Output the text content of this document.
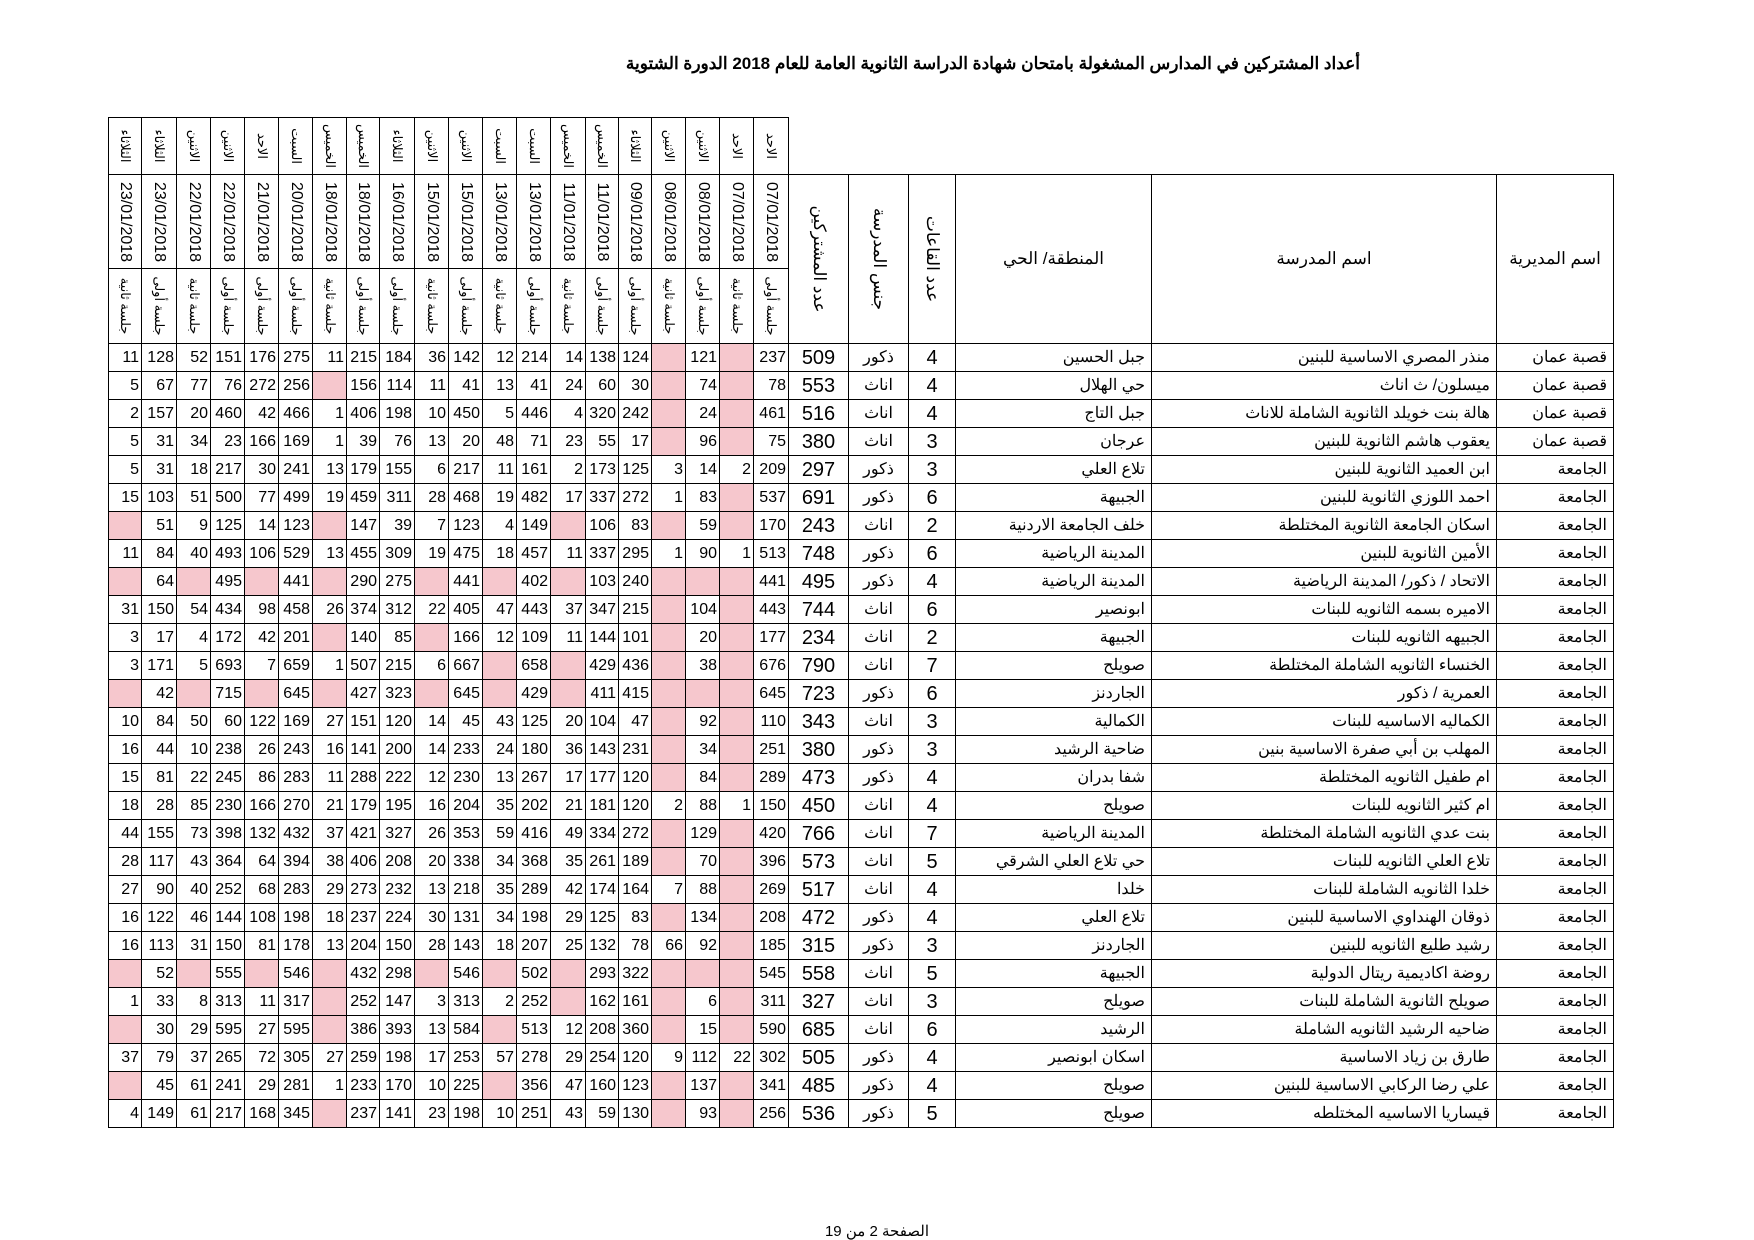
أعداد المشتركين في المدارس المشغولة بامتحان شهادة الدراسة الثانوية العامة للعام 2018 الدورة الشتوية
الثلاثاء	الثلاثاء	الاثنين	الاثنين	الاحد	السبت	الخميس	الخميس	الثلاثاء	الاثنين	الاثنين	السبت	السبت	الخميس	الخميس	الثلاثاء	الاثنين	الاثنين	الاحد	الاحد						

23/01/2018	23/01/2018	22/01/2018	22/01/2018	21/01/2018	20/01/2018	18/01/2018	18/01/2018	16/01/2018	15/01/2018	15/01/2018	13/01/2018	13/01/2018	11/01/2018	11/01/2018	09/01/2018	08/01/2018	08/01/2018	07/01/2018	07/01/2018	عدد المشتركين	جنس المدرسة	عدد القاعات	المنطقة/ الحي	اسم المدرسة	اسم المديرية

جلسة ثانية	جلسة أولى	جلسة ثانية	جلسة أولى	جلسة أولى	جلسة أولى	جلسة ثانية	جلسة أولى	جلسة أولى	جلسة ثانية	جلسة أولى	جلسة ثانية	جلسة أولى	جلسة ثانية	جلسة أولى	جلسة أولى	جلسة ثانية	جلسة أولى	جلسة ثانية	جلسة أولى						

11	128	52	151	176	275	11	215	184	36	142	12	214	14	138	124		121		237	509	ذكور	4	جبل الحسين	منذر المصري الاساسية للبنين	قصبة عمان
5	67	77	76	272	256		156	114	11	41	13	41	24	60	30		74		78	553	اناث	4	حي الهلال	ميسلون/ ث اناث	قصبة عمان
2	157	20	460	42	466	1	406	198	10	450	5	446	4	320	242		24		461	516	اناث	4	جبل التاج	هالة بنت خويلد الثانوية الشاملة للاناث	قصبة عمان
5	31	34	23	166	169	1	39	76	13	20	48	71	23	55	17		96		75	380	اناث	3	عرجان	يعقوب هاشم الثانوية للبنين	قصبة عمان
5	31	18	217	30	241	13	179	155	6	217	11	161	2	173	125	3	14	2	209	297	ذكور	3	تلاع العلي	ابن العميد الثانوية للبنين	الجامعة
15	103	51	500	77	499	19	459	311	28	468	19	482	17	337	272	1	83		537	691	ذكور	6	الجبيهة	احمد اللوزي الثانوية للبنين	الجامعة
	51	9	125	14	123		147	39	7	123	4	149		106	83		59		170	243	اناث	2	خلف الجامعة الاردنية	اسكان الجامعة الثانوية المختلطة	الجامعة
11	84	40	493	106	529	13	455	309	19	475	18	457	11	337	295	1	90	1	513	748	ذكور	6	المدينة الرياضية	الأمين الثانوية للبنين	الجامعة
	64		495		441		290	275		441		402		103	240				441	495	ذكور	4	المدينة الرياضية	الاتحاد / ذكور/ المدينة الرياضية	الجامعة
31	150	54	434	98	458	26	374	312	22	405	47	443	37	347	215		104		443	744	اناث	6	ابونصير	الاميره بسمه الثانويه للبنات	الجامعة
3	17	4	172	42	201		140	85		166	12	109	11	144	101		20		177	234	اناث	2	الجبيهة	الجبيهه الثانويه للبنات	الجامعة
3	171	5	693	7	659	1	507	215	6	667		658		429	436		38		676	790	اناث	7	صويلح	الخنساء الثانويه الشاملة المختلطة	الجامعة
	42		715		645		427	323		645		429		411	415				645	723	ذكور	6	الجاردنز	العمرية / ذكور	الجامعة
10	84	50	60	122	169	27	151	120	14	45	43	125	20	104	47		92		110	343	اناث	3	الكمالية	الكماليه الاساسيه للبنات	الجامعة
16	44	10	238	26	243	16	141	200	14	233	24	180	36	143	231		34		251	380	ذكور	3	ضاحية الرشيد	المهلب بن أبي صفرة الاساسية بنين	الجامعة
15	81	22	245	86	283	11	288	222	12	230	13	267	17	177	120		84		289	473	ذكور	4	شفا بدران	ام طفيل الثانويه المختلطة	الجامعة
18	28	85	230	166	270	21	179	195	16	204	35	202	21	181	120	2	88	1	150	450	اناث	4	صويلح	ام كثير الثانويه للبنات	الجامعة
44	155	73	398	132	432	37	421	327	26	353	59	416	49	334	272		129		420	766	اناث	7	المدينة الرياضية	بنت عدي الثانويه الشاملة المختلطة	الجامعة
28	117	43	364	64	394	38	406	208	20	338	34	368	35	261	189		70		396	573	اناث	5	حي تلاع العلي الشرقي	تلاع العلي الثانويه للبنات	الجامعة
27	90	40	252	68	283	29	273	232	13	218	35	289	42	174	164	7	88		269	517	اناث	4	خلدا	خلدا الثانويه الشاملة للبنات	الجامعة
16	122	46	144	108	198	18	237	224	30	131	34	198	29	125	83		134		208	472	ذكور	4	تلاع العلي	ذوقان الهنداوي الاساسية للبنين	الجامعة
16	113	31	150	81	178	13	204	150	28	143	18	207	25	132	78	66	92		185	315	ذكور	3	الجاردنز	رشيد طليع الثانويه للبنين	الجامعة
	52		555		546		432	298		546		502		293	322				545	558	اناث	5	الجبيهة	روضة اكاديمية ريتال الدولية	الجامعة
1	33	8	313	11	317		252	147	3	313	2	252		162	161		6		311	327	اناث	3	صويلح	صويلح الثانوية الشاملة للبنات	الجامعة
	30	29	595	27	595		386	393	13	584		513	12	208	360		15		590	685	اناث	6	الرشيد	ضاحيه الرشيد الثانويه الشاملة	الجامعة
37	79	37	265	72	305	27	259	198	17	253	57	278	29	254	120	9	112	22	302	505	ذكور	4	اسكان ابونصير	طارق بن زياد الاساسية	الجامعة
	45	61	241	29	281	1	233	170	10	225		356	47	160	123		137		341	485	ذكور	4	صويلح	علي رضا الركابي الاساسية للبنين	الجامعة
4	149	61	217	168	345		237	141	23	198	10	251	43	59	130		93		256	536	ذكور	5	صويلح	قيساريا الاساسيه المختلطه	الجامعة
الصفحة 2 من 19
